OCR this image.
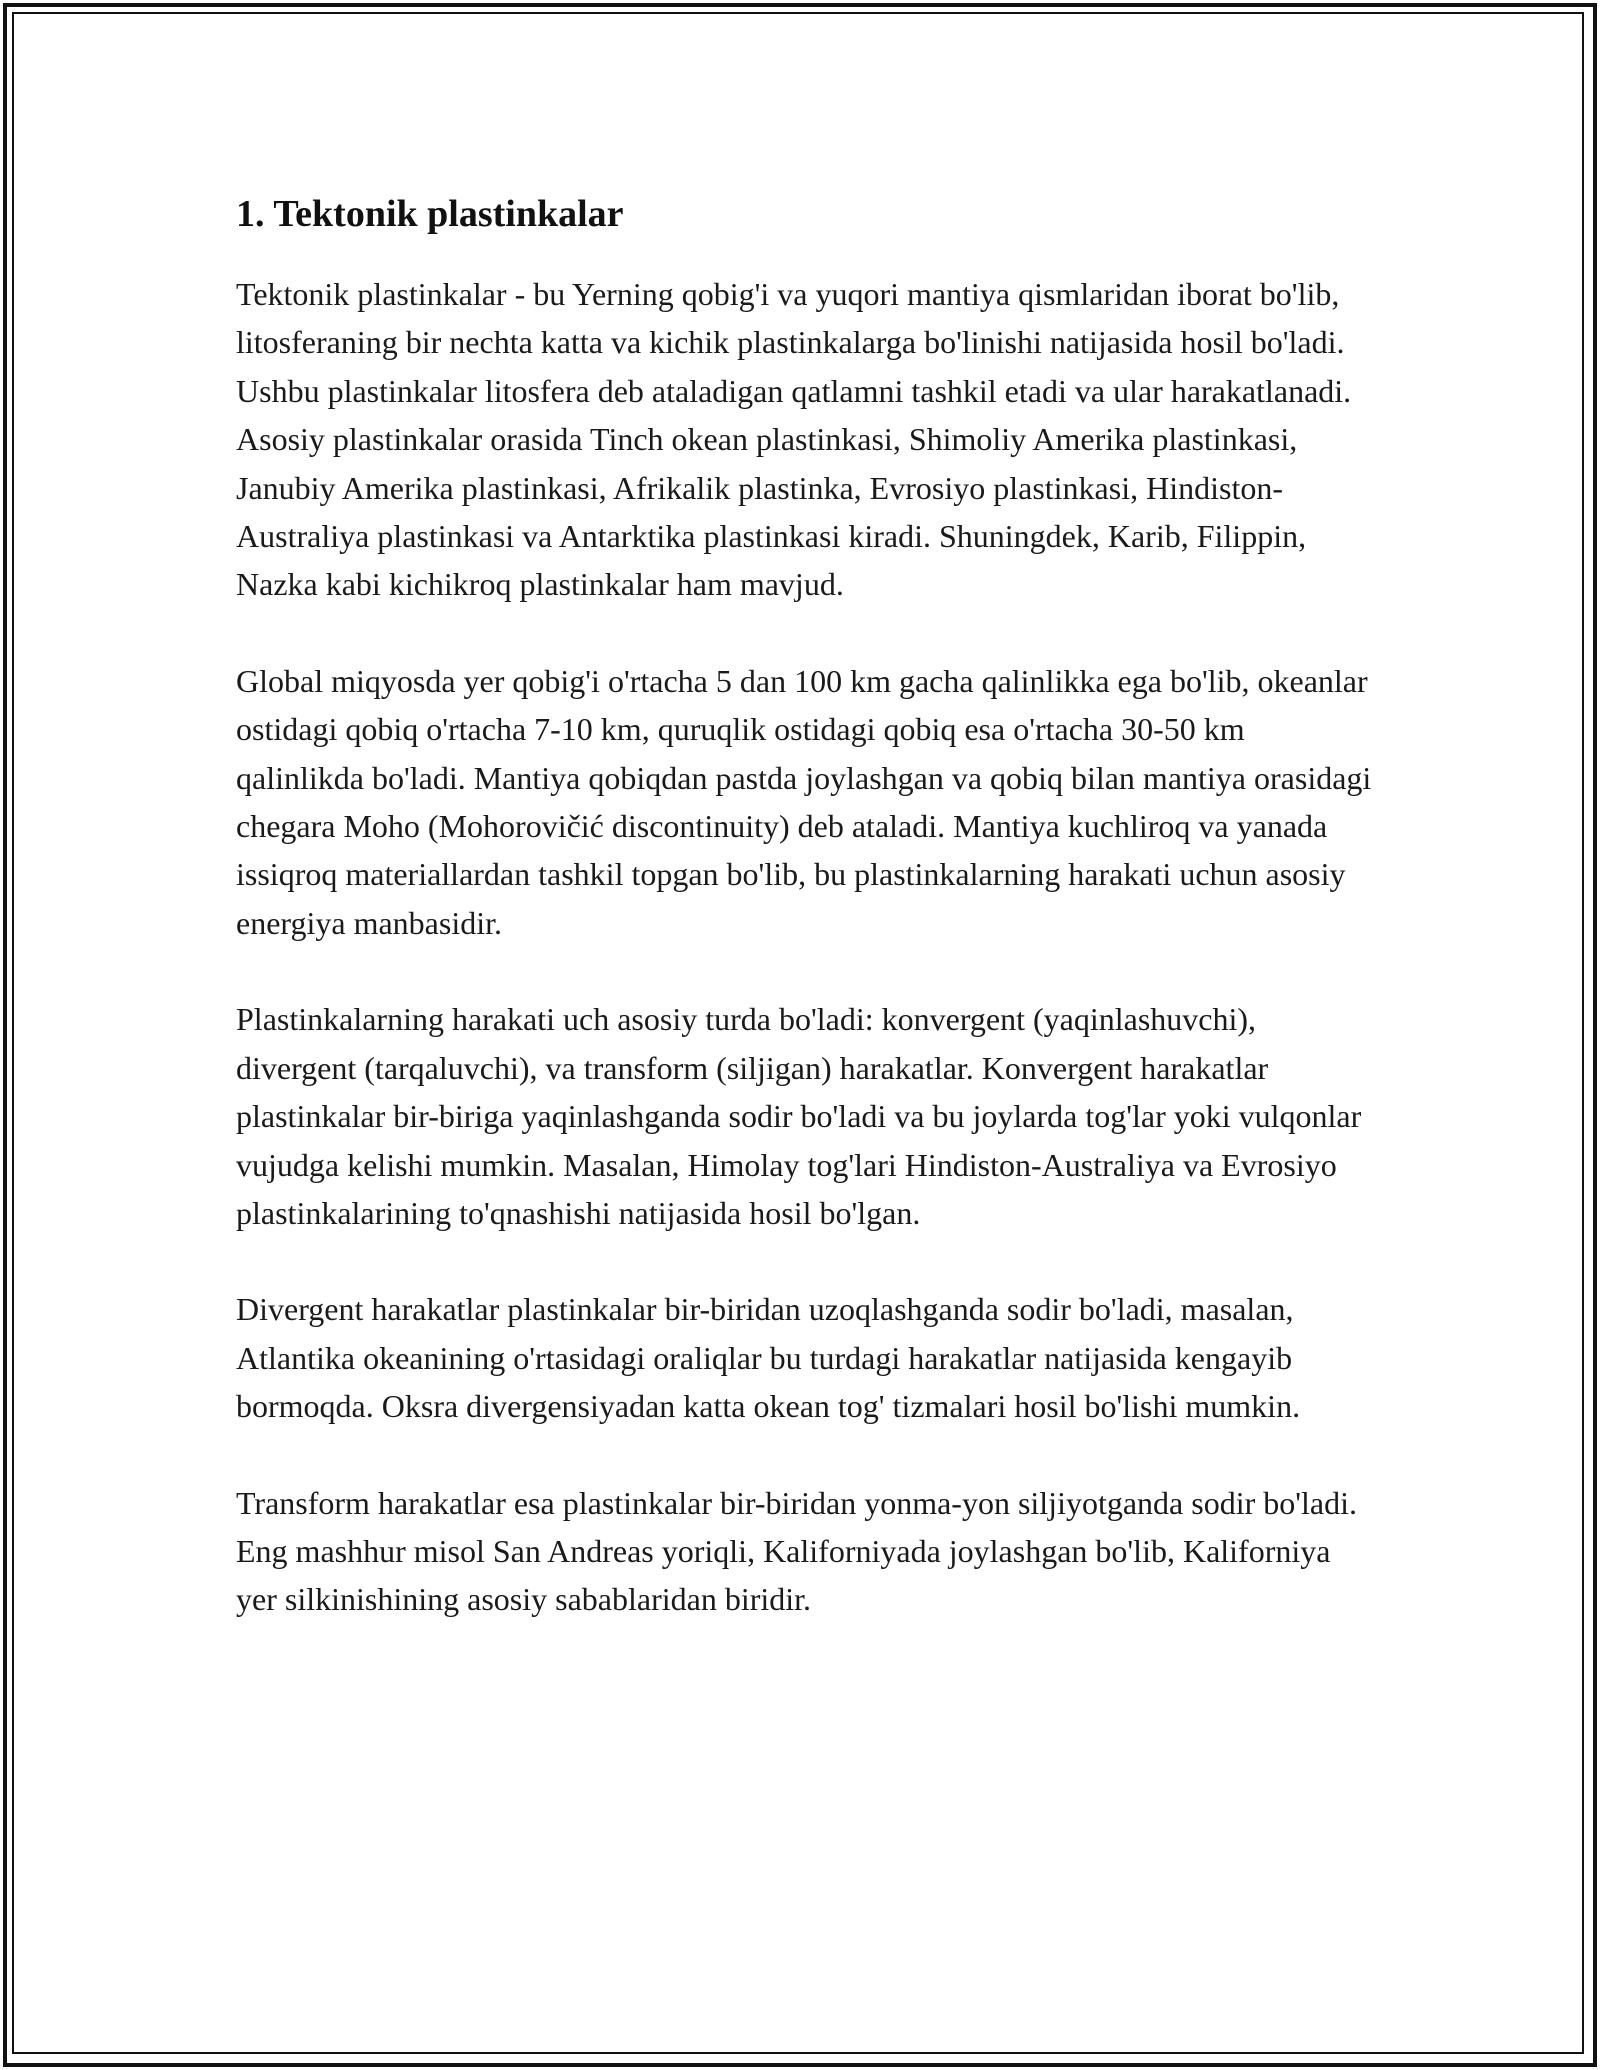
1. Tektonik plastinkalar

Tektonik plastinkalar - bu Yerning qobig'i va yuqori mantiya qismlaridan iborat bo'lib, litosferaning bir nechta katta va kichik plastinkalarga bo'linishi natijasida hosil bo'ladi. Ushbu plastinkalar litosfera deb ataladigan qatlamni tashkil etadi va ular harakatlanadi. Asosiy plastinkalar orasida Tinch okean plastinkasi, Shimoliy Amerika plastinkasi, Janubiy Amerika plastinkasi, Afrikalik plastinka, Evrosiyo plastinkasi, Hindiston-Australiya plastinkasi va Antarktika plastinkasi kiradi. Shuningdek, Karib, Filippin, Nazka kabi kichikroq plastinkalar ham mavjud.

Global miqyosda yer qobig'i o'rtacha 5 dan 100 km gacha qalinlikka ega bo'lib, okeanlar ostidagi qobiq o'rtacha 7-10 km, quruqlik ostidagi qobiq esa o'rtacha 30-50 km qalinlikda bo'ladi. Mantiya qobiqdan pastda joylashgan va qobiq bilan mantiya orasidagi chegara Moho (Mohorovičić discontinuity) deb ataladi. Mantiya kuchliroq va yanada issiqroq materiallardan tashkil topgan bo'lib, bu plastinkalarning harakati uchun asosiy energiya manbasidir.

Plastinkalarning harakati uch asosiy turda bo'ladi: konvergent (yaqinlashuvchi), divergent (tarqaluvchi), va transform (siljigan) harakatlar. Konvergent harakatlar plastinkalar bir-biriga yaqinlashganda sodir bo'ladi va bu joylarda tog'lar yoki vulqonlar vujudga kelishi mumkin. Masalan, Himolay tog'lari Hindiston-Australiya va Evrosiyo plastinkalarining to'qnashishi natijasida hosil bo'lgan.

Divergent harakatlar plastinkalar bir-biridan uzoqlashganda sodir bo'ladi, masalan, Atlantika okeanining o'rtasidagi oraliqlar bu turdagi harakatlar natijasida kengayib bormoqda. Oksra divergensiyadan katta okean tog' tizmalari hosil bo'lishi mumkin.

Transform harakatlar esa plastinkalar bir-biridan yonma-yon siljiyotganda sodir bo'ladi. Eng mashhur misol San Andreas yoriqli, Kaliforniyada joylashgan bo'lib, Kaliforniya yer silkinishining asosiy sabablaridan biridir.
